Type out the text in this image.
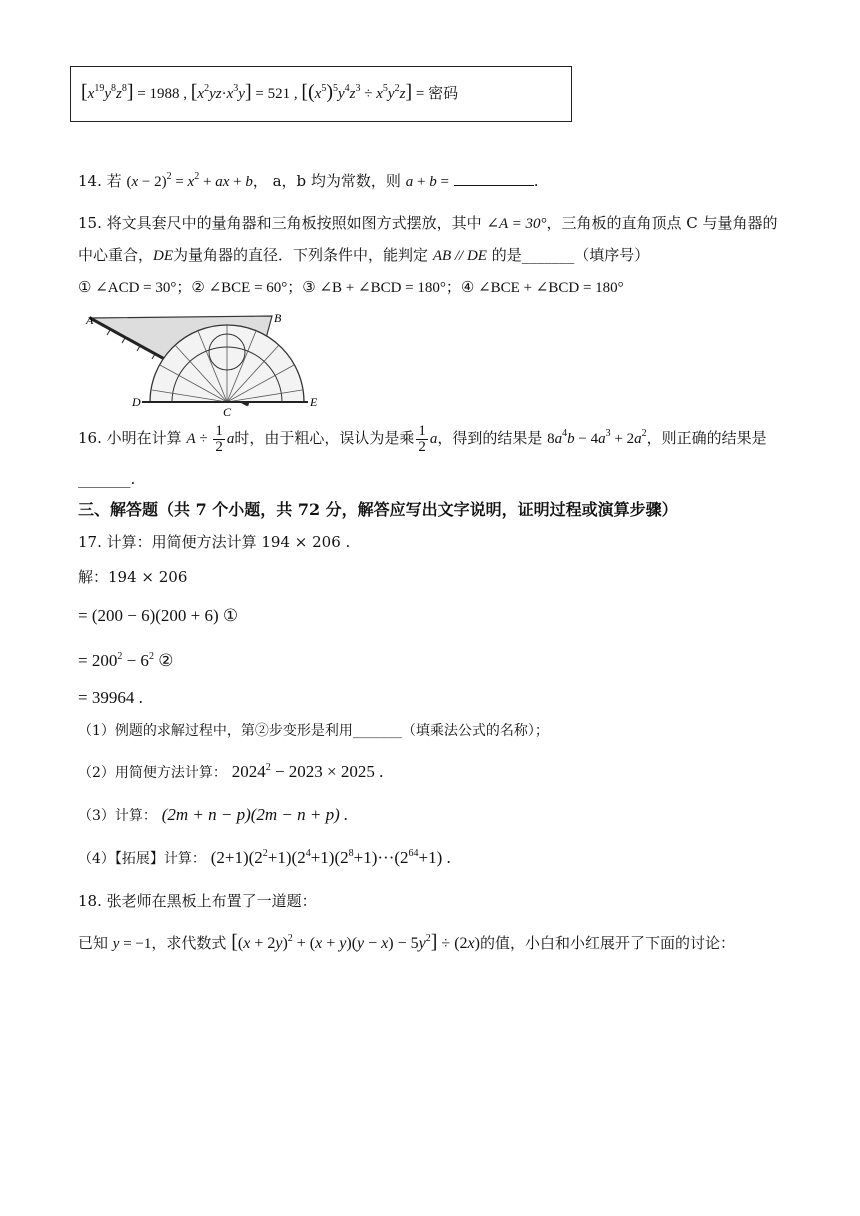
$[x^{19}y^8z^8] = 1988$ , $[x^2yz\cdot x^3y] = 521$ , $[(x^5)^5y^4z^3 \div x^5y^2z]$ = 密码
14. 若 $(x - 2)^2 = x^2$ + ax + b， a，b 均为常数，则 a + b =	.
15. 将文具套尺中的量角器和三角板按照如图方式摆放，其中 ∠A = 30°，三角板的直角顶点 C 与量角器的
中心重合，DE为量角器的直径．下列条件中，能判定 AB // DE 的是_______（填序号）
① ∠ACD = 30°；② ∠BCE = 60°；③ ∠B + ∠BCD = 180°；④ ∠BCE + ∠BCD = 180°
A	B
C
D	E
16. 小明在计算 $A \div \frac{1}{2}$ a时，由于粗心，误认为是乘 $\frac{1}{2}$ a，得到的结果是 $8a^4b - 4a^3 + 2a^2$，则正确的结果是
_______.
三、解答题（共 7 个小题，共 72 分，解答应写出文字说明，证明过程或演算步骤）
17. 计算：用简便方法计算 194 × 206 .
解：194 × 206
= (200 − 6)(200 + 6) ①
= $200^2 - 6^2$ ②
= 39964 .
（1）例题的求解过程中，第②步变形是利用_______（填乘法公式的名称）；
（2）用简便方法计算： $2024^2 - 2023 \times 2025$ .
（3）计算： (2m + n − p)(2m − n + p) .
（4）【拓展】计算： $(2+1)(2^2+1)(2^4+1)(2^8+1)\cdot\cdot\cdot(2^{64}+1)$ .
18. 张老师在黑板上布置了一道题：
已知 y = −1，求代数式 $[(x + 2y)^2 + (x + y)(y - x) - 5y^2] \div (2x)$的值，小白和小红展开了下面的讨论：
